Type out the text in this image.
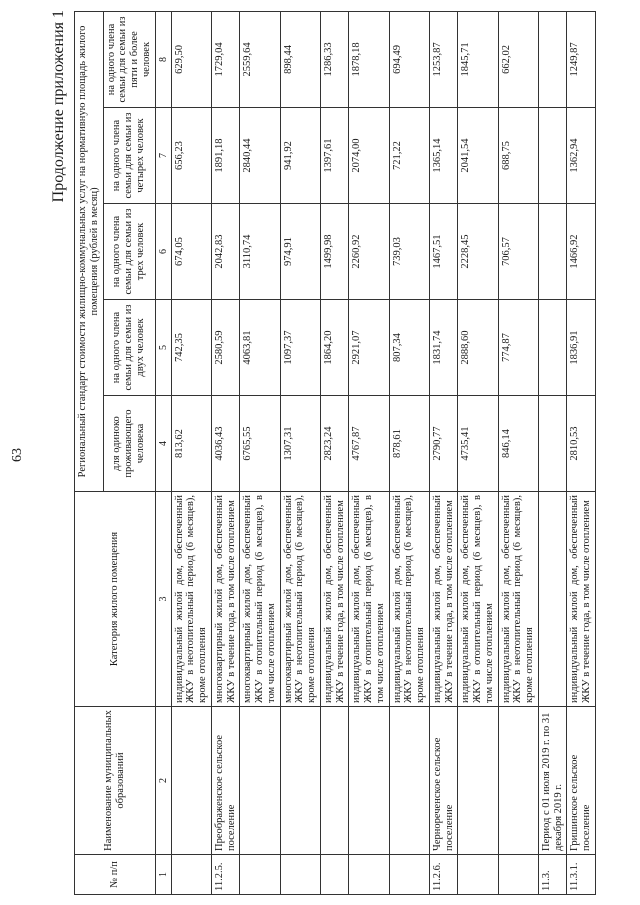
63
Продолжение приложения 1
№ п/п	Наименование муниципальных образований	Категория жилого помещения	Региональный стандарт стоимости жилищно-коммунальных услуг на нормативную площадь жилого помещения (рублей в месяц)				
			для одиноко проживающего человека	на одного члена семьи для семьи из двух человек	на одного члена семьи для семьи из трех человек	на одного члена семьи для семьи из четырех человек	на одного члена семьи для семьи из пяти и более человек
1	2	3	4	5	6	7	8
		индивидуальный жилой дом, обеспеченный ЖКУ в неотопительный период (6 месяцев), кроме отопления	813,62	742,35	674,05	656,23	629,50
11.2.5.	Преображенское сельское поселение	многоквартирный жилой дом, обеспеченный ЖКУ в течение года, в том числе отоплением	4036,43	2580,59	2042,83	1891,18	1729,04
		многоквартирный жилой дом, обеспеченный ЖКУ в отопительный период (6 месяцев), в том числе отоплением	6765,55	4063,81	3110,74	2840,44	2559,64
		многоквартирный жилой дом, обеспеченный ЖКУ в неотопительный период (6 месяцев), кроме отопления	1307,31	1097,37	974,91	941,92	898,44
		индивидуальный жилой дом, обеспеченный ЖКУ в течение года, в том числе отоплением	2823,24	1864,20	1499,98	1397,61	1286,33
		индивидуальный жилой дом, обеспеченный ЖКУ в отопительный период (6 месяцев), в том числе отоплением	4767,87	2921,07	2260,92	2074,00	1878,18
		индивидуальный жилой дом, обеспеченный ЖКУ в неотопительный период (6 месяцев), кроме отопления	878,61	807,34	739,03	721,22	694,49
11.2.6.	Чернореченское сельское поселение	индивидуальный жилой дом, обеспеченный ЖКУ в течение года, в том числе отоплением	2790,77	1831,74	1467,51	1365,14	1253,87
		индивидуальный жилой дом, обеспеченный ЖКУ в отопительный период (6 месяцев), в том числе отоплением	4735,41	2888,60	2228,45	2041,54	1845,71
		индивидуальный жилой дом, обеспеченный ЖКУ в неотопительный период (6 месяцев), кроме отопления	846,14	774,87	706,57	688,75	662,02
11.3.	Период с 01 июля 2019 г. по 31 декабря 2019 г.						
11.3.1.	Гришинское сельское поселение	индивидуальный жилой дом, обеспеченный ЖКУ в течение года, в том числе отоплением	2810,53	1836,91	1466,92	1362,94	1249,87
